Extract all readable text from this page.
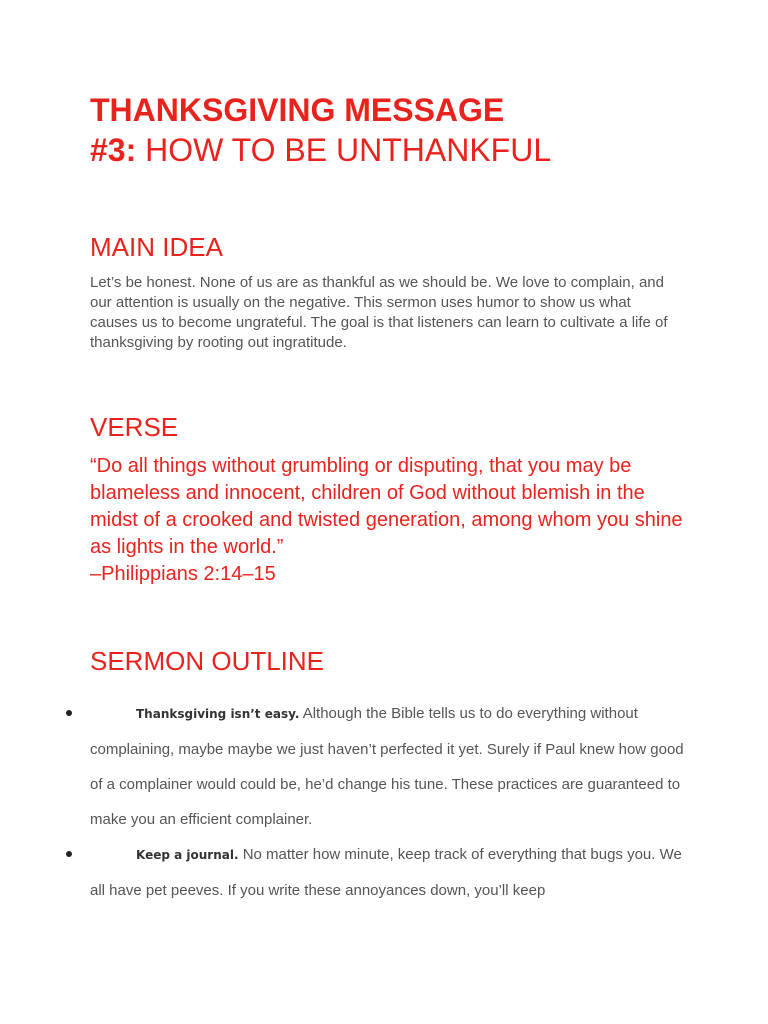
THANKSGIVING MESSAGE
#3: HOW TO BE UNTHANKFUL
MAIN IDEA

Let’s be honest. None of us are as thankful as we should be. We love to complain, and our attention is usually on the negative. This sermon uses humor to show us what causes us to become ungrateful. The goal is that listeners can learn to cultivate a life of thanksgiving by rooting out ingratitude.

VERSE
“Do all things without grumbling or disputing, that you may be blameless and innocent, children of God without blemish in the midst of a crooked and twisted generation, among whom you shine as lights in the world.”
–Philippians 2:14–15
SERMON OUTLINE
Thanksgiving isn’t easy. Although the Bible tells us to do everything without complaining, maybe maybe we just haven’t perfected it yet. Surely if Paul knew how good of a complainer would could be, he’d change his tune. These practices are guaranteed to make you an efficient complainer.
Keep a journal. No matter how minute, keep track of everything that bugs you. We all have pet peeves. If you write these annoyances down, you’ll keep
